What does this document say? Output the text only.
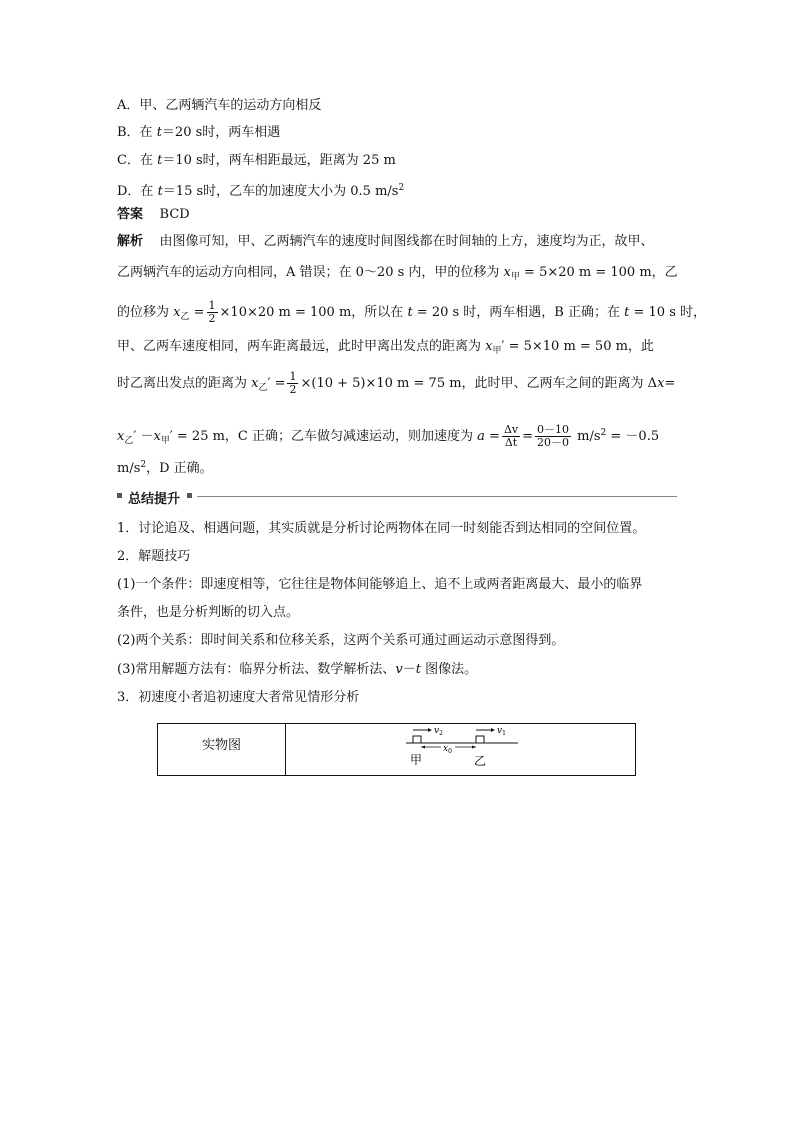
A．甲、乙两辆汽车的运动方向相反
B．在 t＝20 s时，两车相遇
C．在 t＝10 s时，两车相距最远，距离为 25 m
D．在 t＝15 s时，乙车的加速度大小为 0.5 $m/s^2$
答案 BCD
解析 由图像可知，甲、乙两辆汽车的速度时间图线都在时间轴的上方，速度均为正，故甲、
乙两辆汽车的运动方向相同，A 错误；在 0～20 s 内，甲的位移为 $x_甲 = 5\times 20$ m = 100 m，乙
的位移为 $x_乙 = \frac{1}{2} \times 10\times 20$ m = 100 m，所以在 t = 20 s 时，两车相遇，B 正确；在 t = 10 s 时，
甲、乙两车速度相同，两车距离最远，此时甲离出发点的距离为 $x_甲' = 5\times 10$ m = 50 m，此
时乙离出发点的距离为 $x_乙' = \frac{1}{2} \times(10 + 5)\times 10$ m = 75 m，此时甲、乙两车之间的距离为 Δx=
$x_乙' -x_甲' = 25$ m，C 正确；乙车做匀减速运动，则加速度为 $a = \frac{\Delta v}{\Delta t} = \frac{0-10}{20-0} m/s^2 = -0.5$
$m/s^2$，D 正确。
总结提升
1．讨论追及、相遇问题，其实质就是分析讨论两物体在同一时刻能否到达相同的空间位置。
2．解题技巧
(1)一个条件：即速度相等，它往往是物体间能够追上、追不上或两者距离最大、最小的临界
条件，也是分析判断的切入点。
(2)两个关系：即时间关系和位移关系，这两个关系可通过画运动示意图得到。
(3)常用解题方法有：临界分析法、数学解析法、v－t 图像法。
3．初速度小者追初速度大者常见情形分析
实物图	
$v_2$	$v_1$
$x_0$
甲	乙
